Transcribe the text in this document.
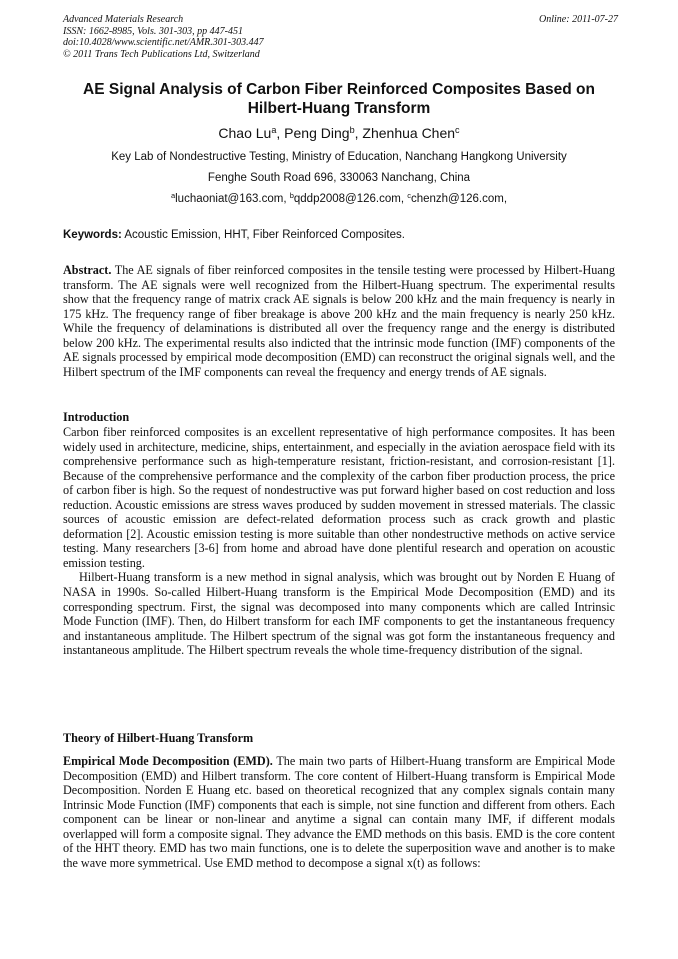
Advanced Materials Research
ISSN: 1662-8985, Vols. 301-303, pp 447-451
doi:10.4028/www.scientific.net/AMR.301-303.447
© 2011 Trans Tech Publications Ltd, Switzerland
Online: 2011-07-27
AE Signal Analysis of Carbon Fiber Reinforced Composites Based on
Hilbert-Huang Transform
Chao Lu$^a$, Peng Ding$^b$, Zhenhua Chen$^c$
Key Lab of Nondestructive Testing, Ministry of Education, Nanchang Hangkong University
Fenghe South Road 696, 330063 Nanchang, China
$^a$luchaoniat@163.com, $^b$qddp2008@126.com, $^c$chenzh@126.com,
Keywords: Acoustic Emission, HHT, Fiber Reinforced Composites.

Abstract. The AE signals of fiber reinforced composites in the tensile testing were processed by Hilbert-Huang transform. The AE signals were well recognized from the Hilbert-Huang spectrum. The experimental results show that the frequency range of matrix crack AE signals is below 200 kHz and the main frequency is nearly in 175 kHz. The frequency range of fiber breakage is above 200 kHz and the main frequency is nearly 250 kHz. While the frequency of delaminations is distributed all over the frequency range and the energy is distributed below 200 kHz. The experimental results also indicted that the intrinsic mode function (IMF) components of the AE signals processed by empirical mode decomposition (EMD) can reconstruct the original signals well, and the Hilbert spectrum of the IMF components can reveal the frequency and energy trends of AE signals.

Introduction

Carbon fiber reinforced composites is an excellent representative of high performance composites. It has been widely used in architecture, medicine, ships, entertainment, and especially in the aviation aerospace field with its comprehensive performance such as high-temperature resistant, friction-resistant, and corrosion-resistant [1]. Because of the comprehensive performance and the complexity of the carbon fiber production process, the price of carbon fiber is high. So the request of nondestructive was put forward higher based on cost reduction and loss reduction. Acoustic emissions are stress waves produced by sudden movement in stressed materials. The classic sources of acoustic emission are defect-related deformation process such as crack growth and plastic deformation [2]. Acoustic emission testing is more suitable than other nondestructive methods on active service testing. Many researchers [3-6] from home and abroad have done plentiful research and operation on acoustic emission testing.

Hilbert-Huang transform is a new method in signal analysis, which was brought out by Norden E Huang of NASA in 1990s. So-called Hilbert-Huang transform is the Empirical Mode Decomposition (EMD) and its corresponding spectrum. First, the signal was decomposed into many components which are called Intrinsic Mode Function (IMF). Then, do Hilbert transform for each IMF components to get the instantaneous frequency and instantaneous amplitude. The Hilbert spectrum of the signal was got form the instantaneous frequency and instantaneous amplitude. The Hilbert spectrum reveals the whole time-frequency distribution of the signal.

Theory of Hilbert-Huang Transform

Empirical Mode Decomposition (EMD). The main two parts of Hilbert-Huang transform are Empirical Mode Decomposition (EMD) and Hilbert transform. The core content of Hilbert-Huang transform is Empirical Mode Decomposition. Norden E Huang etc. based on theoretical recognized that any complex signals contain many Intrinsic Mode Function (IMF) components that each is simple, not sine function and different from others. Each component can be linear or non-linear and anytime a signal can contain many IMF, if different modals overlapped will form a composite signal. They advance the EMD methods on this basis. EMD is the core content of the HHT theory. EMD has two main functions, one is to delete the superposition wave and another is to make the wave more symmetrical. Use EMD method to decompose a signal x(t) as follows:
